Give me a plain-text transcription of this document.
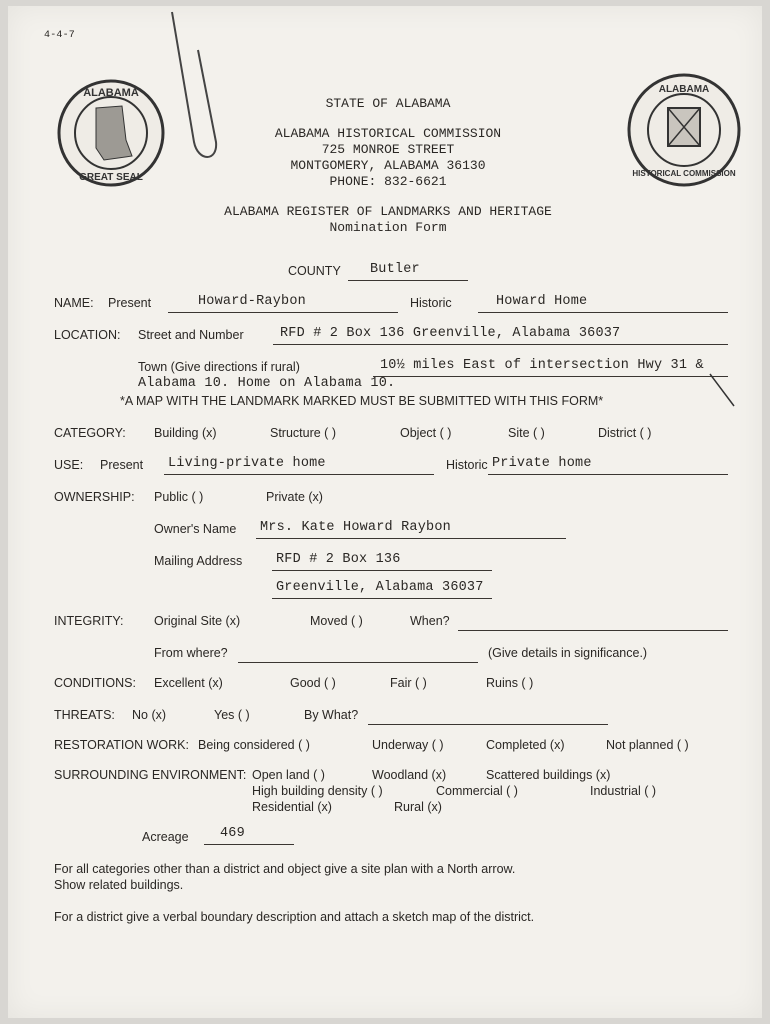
4-4-7
ALABAMA
GREAT SEAL
ALABAMA
HISTORICAL COMMISSION
STATE OF ALABAMA
ALABAMA HISTORICAL COMMISSION
725 MONROE STREET
MONTGOMERY, ALABAMA 36130
PHONE: 832-6621
ALABAMA REGISTER OF LANDMARKS AND HERITAGE
Nomination Form
COUNTY Butler
NAME: Present	Howard-Raybon	Historic	Howard Home
LOCATION: Street and Number	RFD # 2 Box 136 Greenville, Alabama 36037
Town (Give directions if rural)	10½ miles East of intersection Hwy 31 &
Alabama 10. Home on Alabama 10.
*A MAP WITH THE LANDMARK MARKED MUST BE SUBMITTED WITH THIS FORM*
CATEGORY: Building (x)	Structure ( )	Object ( )	Site ( )	District ( )
USE: Present Living-private home	Historic Private home
OWNERSHIP: Public ( )	Private (x)
Owner's Name Mrs. Kate Howard Raybon
Mailing Address	RFD # 2 Box 136
Greenville, Alabama 36037
INTEGRITY: Original Site (x)	Moved ( )	When?
From where?	(Give details in significance.)
CONDITIONS: Excellent (x)	Good ( )	Fair ( )	Ruins ( )
THREATS: No (x)	Yes ( )	By What?
RESTORATION WORK: Being considered ( )	Underway ( )	Completed (x)	Not planned ( )
SURROUNDING ENVIRONMENT: Open land ( )	Woodland (x)	Scattered buildings (x)
High building density ( )	Commercial ( )	Industrial ( )
Residential (x)	Rural (x)
Acreage 469
For all categories other than a district and object give a site plan with a North arrow.
Show related buildings.
For a district give a verbal boundary description and attach a sketch map of the district.
